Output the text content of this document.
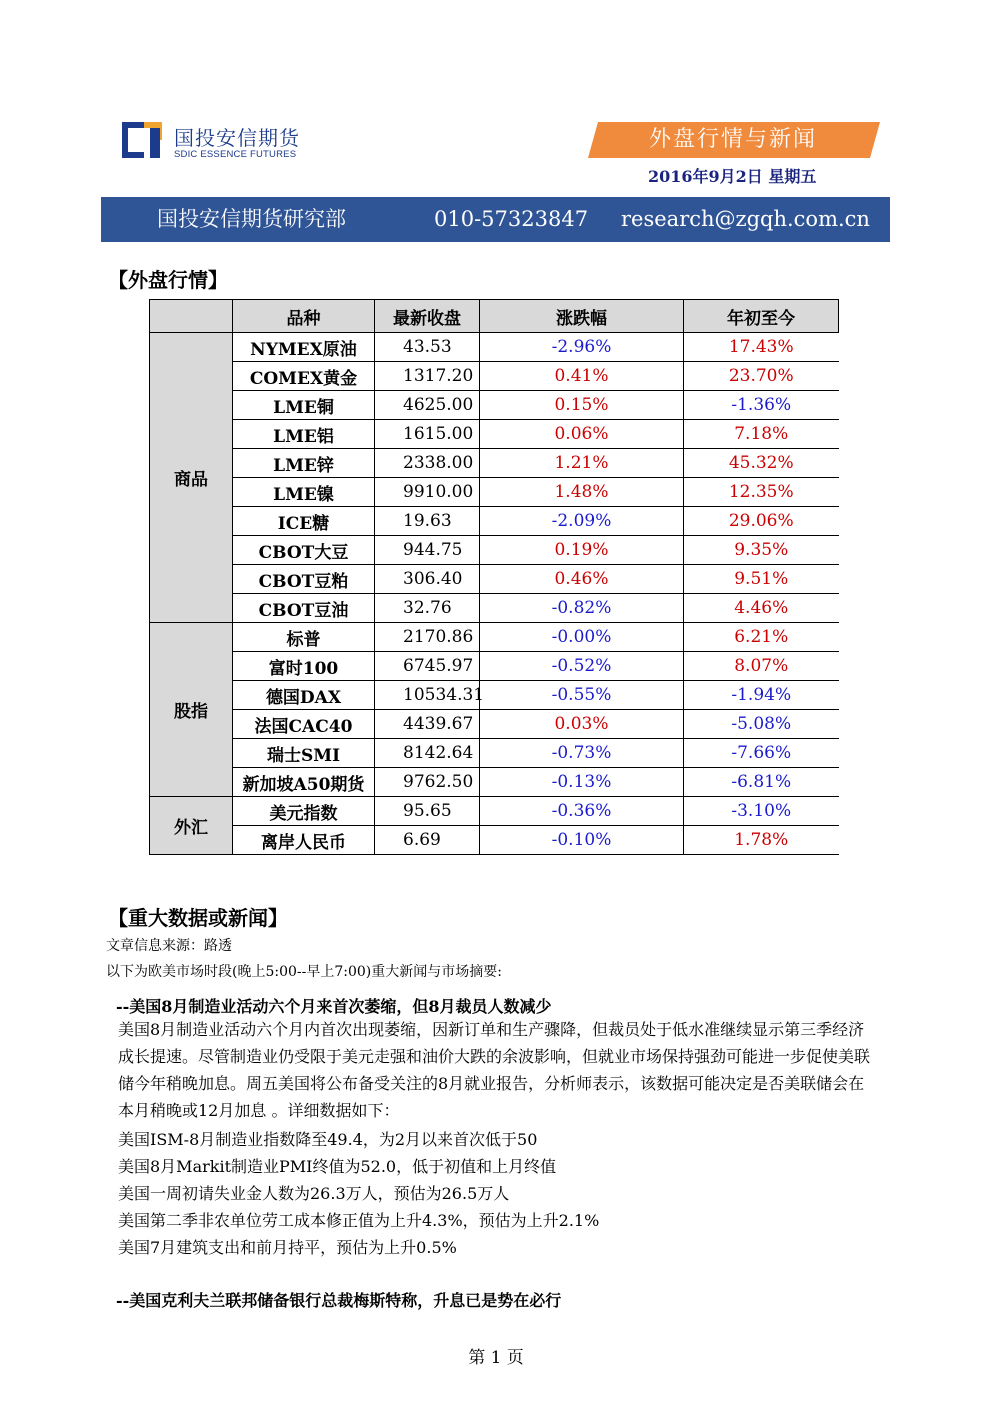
国投安信期货
SDIC ESSENCE FUTURES
外盘行情与新闻
2016年9月2日 星期五
国投安信期货研究部	010-57323847 research@zgqh.com.cn
【外盘行情】
	品种	最新收盘	涨跌幅	年初至今
商品	NYMEX原油	43.53	-2.96%	17.43%
	COMEX黄金	1317.20	0.41%	23.70%
	LME铜	4625.00	0.15%	-1.36%
	LME铝	1615.00	0.06%	7.18%
	LME锌	2338.00	1.21%	45.32%
	LME镍	9910.00	1.48%	12.35%
	ICE糖	19.63	-2.09%	29.06%
	CBOT大豆	944.75	0.19%	9.35%
	CBOT豆粕	306.40	0.46%	9.51%
	CBOT豆油	32.76	-0.82%	4.46%
股指	标普	2170.86	-0.00%	6.21%
	富时100	6745.97	-0.52%	8.07%
	德国DAX	10534.31	-0.55%	-1.94%
	法国CAC40	4439.67	0.03%	-5.08%
	瑞士SMI	8142.64	-0.73%	-7.66%
	新加坡A50期货	9762.50	-0.13%	-6.81%
外汇	美元指数	95.65	-0.36%	-3.10%
	离岸人民币	6.69	-0.10%	1.78%
【重大数据或新闻】
文章信息来源：路透
以下为欧美市场时段(晚上5:00--早上7:00)重大新闻与市场摘要:
--美国8月制造业活动六个月来首次萎缩，但8月裁员人数减少
美国8月制造业活动六个月内首次出现萎缩，因新订单和生产骤降，但裁员处于低水准继续显示第三季经济成长提速。尽管制造业仍受限于美元走强和油价大跌的余波影响，但就业市场保持强劲可能进一步促使美联储今年稍晚加息。周五美国将公布备受关注的8月就业报告，分析师表示，该数据可能决定是否美联储会在本月稍晚或12月加息 。详细数据如下：
美国ISM-8月制造业指数降至49.4，为2月以来首次低于50
美国8月Markit制造业PMI终值为52.0，低于初值和上月终值
美国一周初请失业金人数为26.3万人，预估为26.5万人
美国第二季非农单位劳工成本修正值为上升4.3%，预估为上升2.1%
美国7月建筑支出和前月持平，预估为上升0.5%
--美国克利夫兰联邦储备银行总裁梅斯特称，升息已是势在必行
第 1 页
